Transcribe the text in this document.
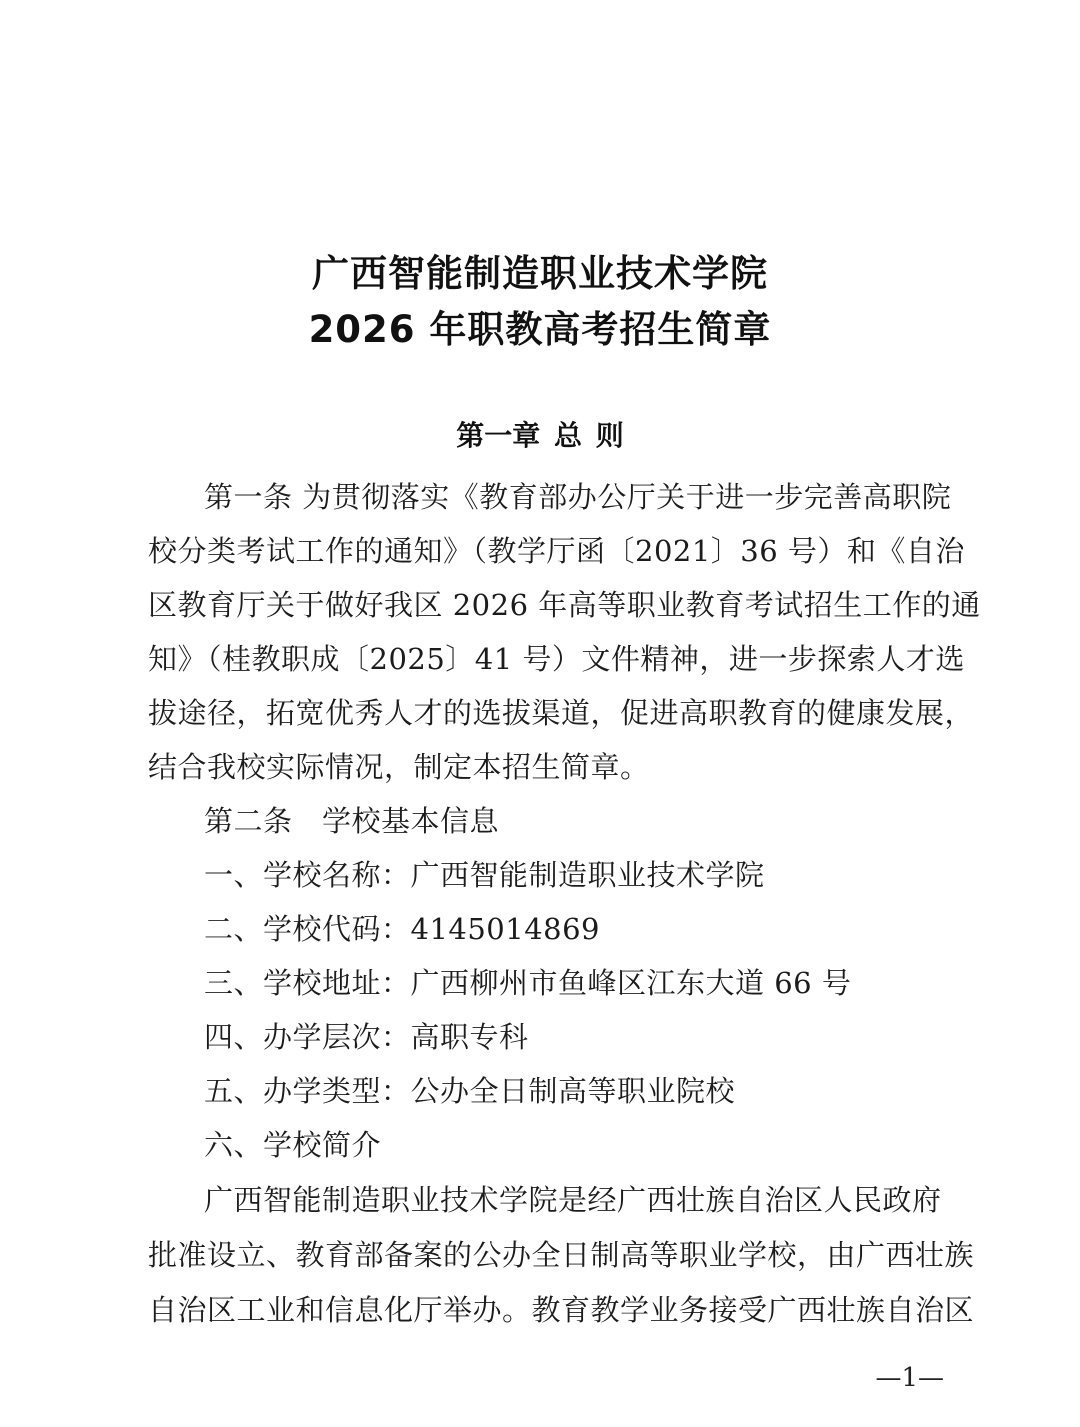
广西智能制造职业技术学院
2026 年职教高考招生简章
第一章 总 则
第一条 为贯彻落实《教育部办公厅关于进一步完善高职院
校分类考试工作的通知》（教学厅函〔2021〕36 号）和《自治
区教育厅关于做好我区 2026 年高等职业教育考试招生工作的通
知》（桂教职成〔2025〕41 号）文件精神，进一步探索人才选
拔途径，拓宽优秀人才的选拔渠道，促进高职教育的健康发展，
结合我校实际情况，制定本招生简章。
第二条　学校基本信息
一、学校名称：广西智能制造职业技术学院
二、学校代码：4145014869
三、学校地址：广西柳州市鱼峰区江东大道 66 号
四、办学层次：高职专科
五、办学类型：公办全日制高等职业院校
六、学校简介
广西智能制造职业技术学院是经广西壮族自治区人民政府
批准设立、教育部备案的公办全日制高等职业学校，由广西壮族
自治区工业和信息化厅举办。教育教学业务接受广西壮族自治区
—1—
